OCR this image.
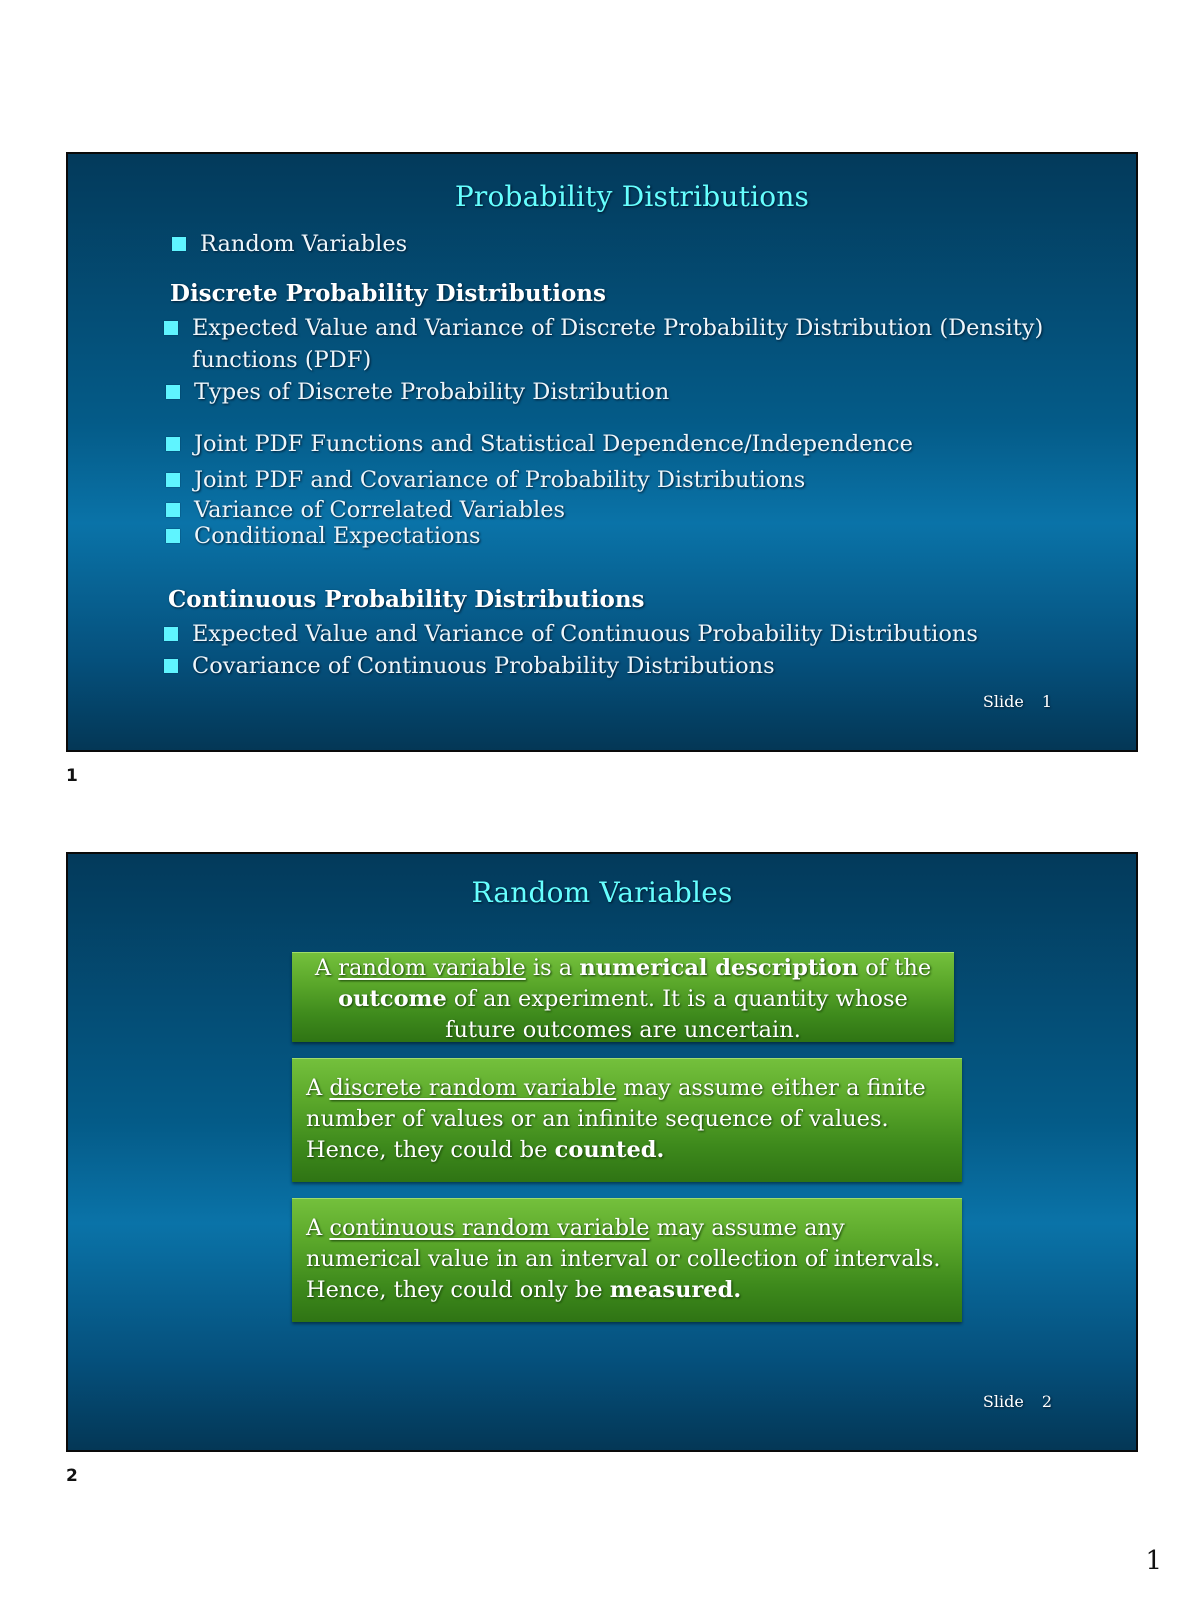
Probability Distributions
Random Variables
Discrete Probability Distributions
Expected Value and Variance of Discrete Probability Distribution (Density) functions (PDF)
Types of Discrete Probability Distribution
Joint PDF Functions and Statistical Dependence/Independence
Joint PDF and Covariance of Probability Distributions
Variance of Correlated Variables
Conditional Expectations
Continuous Probability Distributions
Expected Value and Variance of Continuous Probability Distributions
Covariance of Continuous Probability Distributions
Slide 1
1
Random Variables
A random variable is a numerical description of the outcome of an experiment. It is a quantity whose future outcomes are uncertain.
A discrete random variable may assume either a finite number of values or an infinite sequence of values. Hence, they could be counted.
A continuous random variable may assume any numerical value in an interval or collection of intervals. Hence, they could only be measured.
Slide 2
2
1
